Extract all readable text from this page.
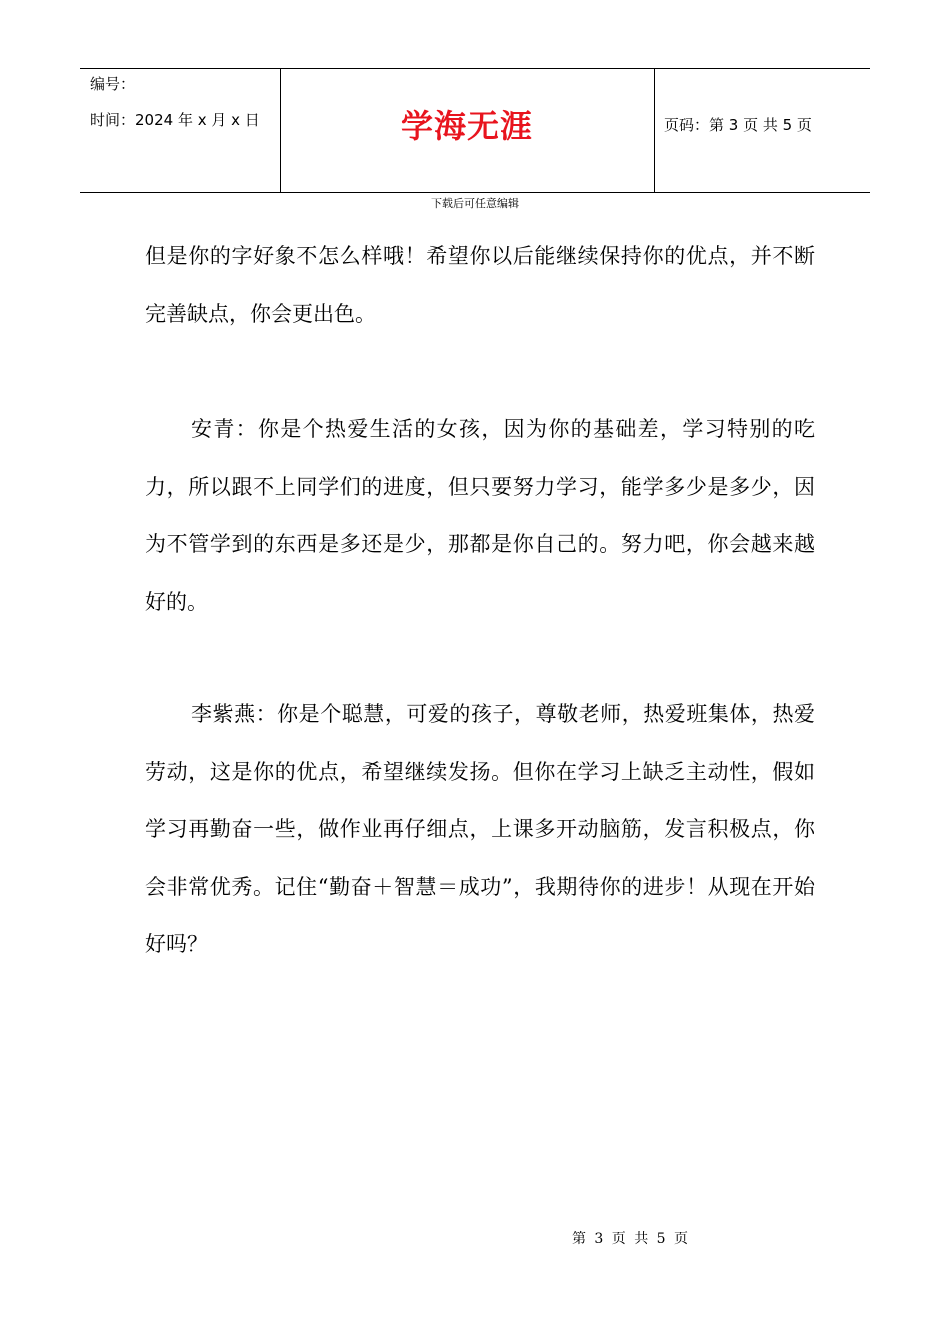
编号：
时间：2024 年 x 月 x 日	学海无涯	页码：第 3 页 共 5 页
下载后可任意编辑

但是你的字好象不怎么样哦！希望你以后能继续保持你的优点，并不断完善缺点，你会更出色。

安青：你是个热爱生活的女孩，因为你的基础差，学习特别的吃力，所以跟不上同学们的进度，但只要努力学习，能学多少是多少，因为不管学到的东西是多还是少，那都是你自己的。努力吧，你会越来越好的。

李紫燕：你是个聪慧，可爱的孩子，尊敬老师，热爱班集体，热爱劳动，这是你的优点，希望继续发扬。但你在学习上缺乏主动性，假如学习再勤奋一些，做作业再仔细点，上课多开动脑筋，发言积极点，你会非常优秀。记住“勤奋＋智慧＝成功”，我期待你的进步！从现在开始好吗？

第 3 页 共 5 页
